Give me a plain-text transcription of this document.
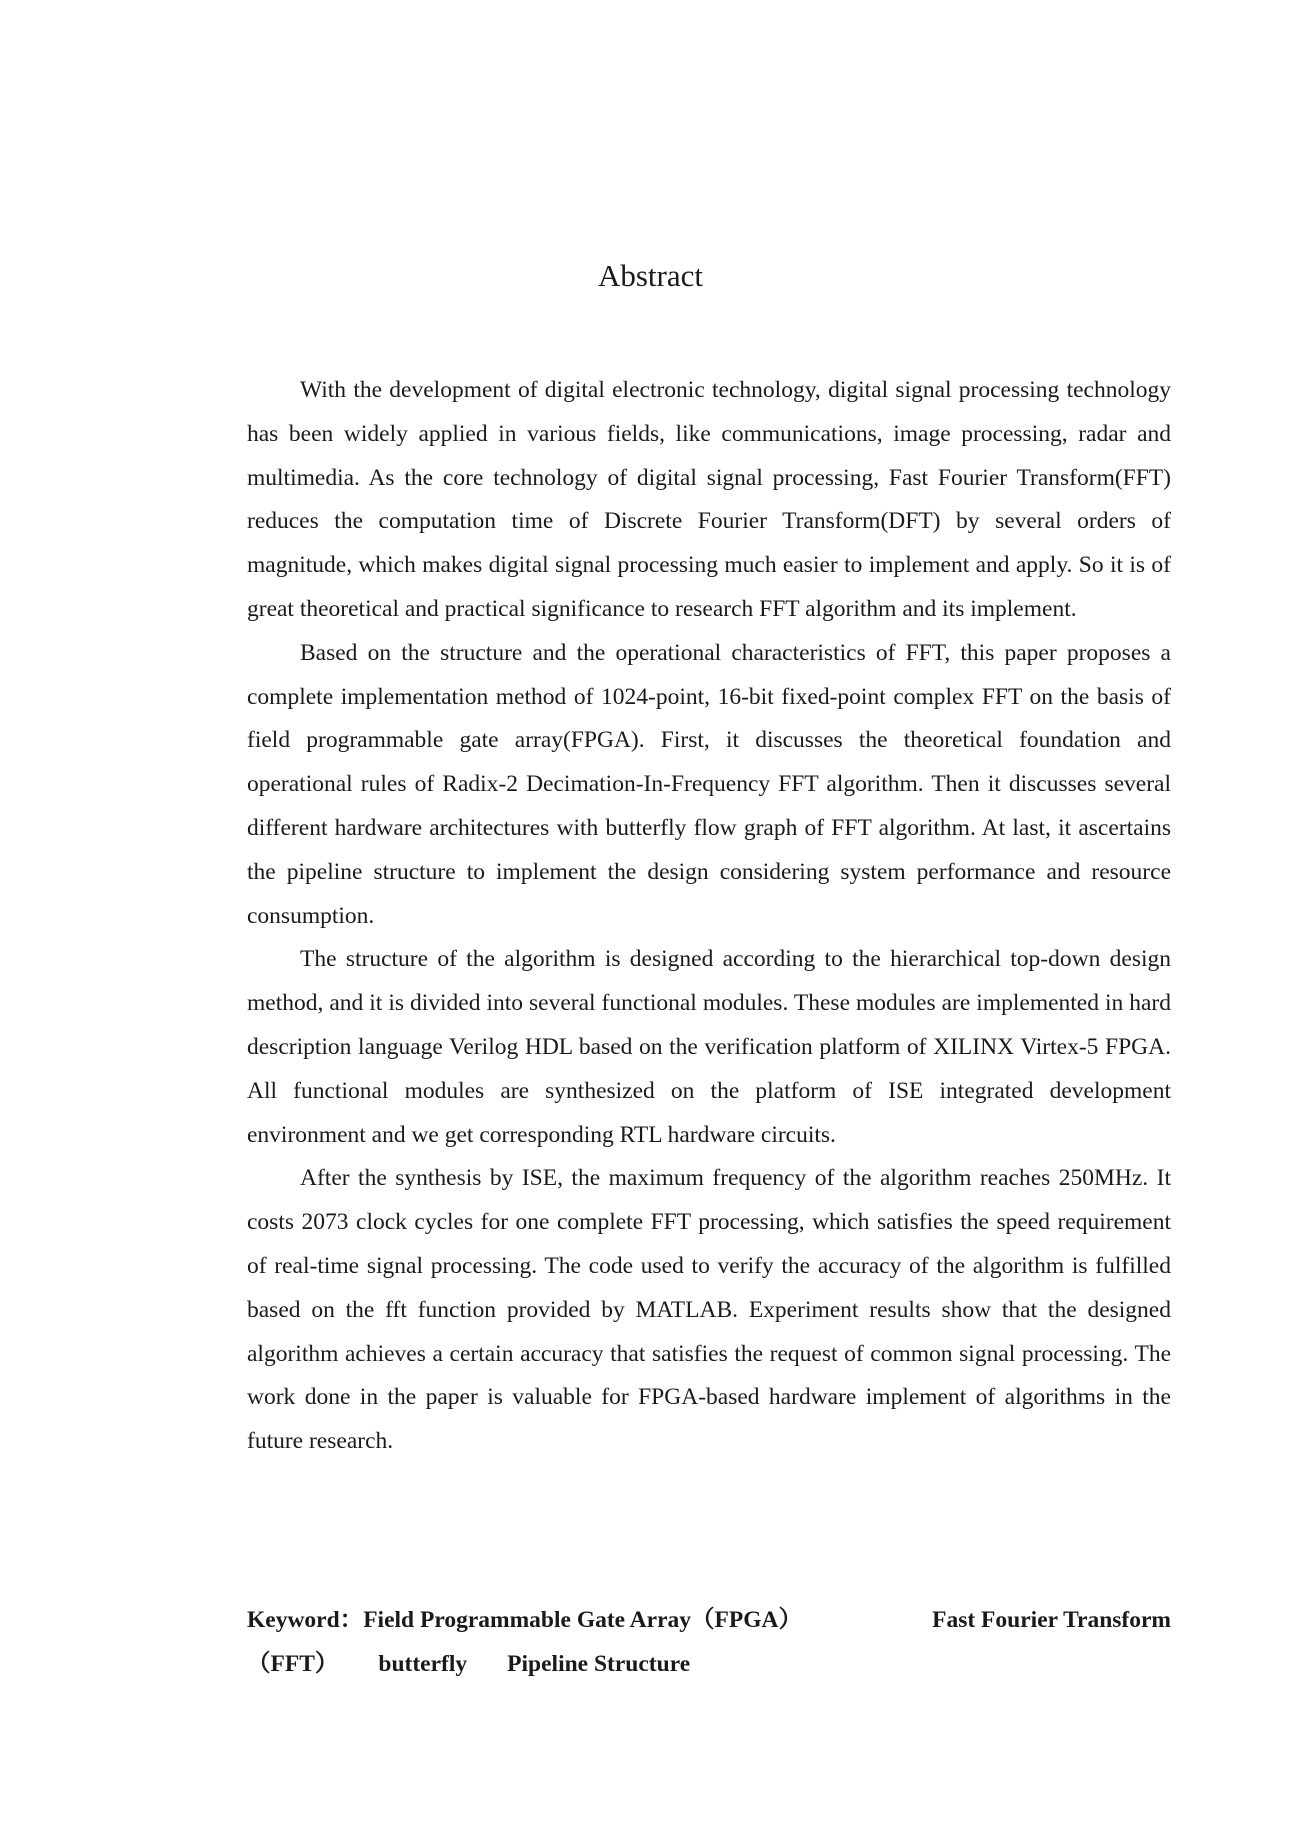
Abstract

With the development of digital electronic technology, digital signal processing technology has been widely applied in various fields, like communications, image processing, radar and multimedia. As the core technology of digital signal processing, Fast Fourier Transform(FFT) reduces the computation time of Discrete Fourier Transform(DFT) by several orders of magnitude, which makes digital signal processing much easier to implement and apply. So it is of great theoretical and practical significance to research FFT algorithm and its implement.

Based on the structure and the operational characteristics of FFT, this paper proposes a complete implementation method of 1024-point, 16-bit fixed-point complex FFT on the basis of field programmable gate array(FPGA). First, it discusses the theoretical foundation and operational rules of Radix-2 Decimation-In-Frequency FFT algorithm. Then it discusses several different hardware architectures with butterfly flow graph of FFT algorithm. At last, it ascertains the pipeline structure to implement the design considering system performance and resource consumption.

The structure of the algorithm is designed according to the hierarchical top-down design method, and it is divided into several functional modules. These modules are implemented in hard description language Verilog HDL based on the verification platform of XILINX Virtex-5 FPGA. All functional modules are synthesized on the platform of ISE integrated development environment and we get corresponding RTL hardware circuits.

After the synthesis by ISE, the maximum frequency of the algorithm reaches 250MHz. It costs 2073 clock cycles for one complete FFT processing, which satisfies the speed requirement of real-time signal processing. The code used to verify the accuracy of the algorithm is fulfilled based on the fft function provided by MATLAB. Experiment results show that the designed algorithm achieves a certain accuracy that satisfies the request of common signal processing. The work done in the paper is valuable for FPGA-based hardware implement of algorithms in the future research.

Keyword：Field Programmable Gate Array（FPGA）	Fast Fourier Transform
（FFT） butterfly Pipeline Structure
